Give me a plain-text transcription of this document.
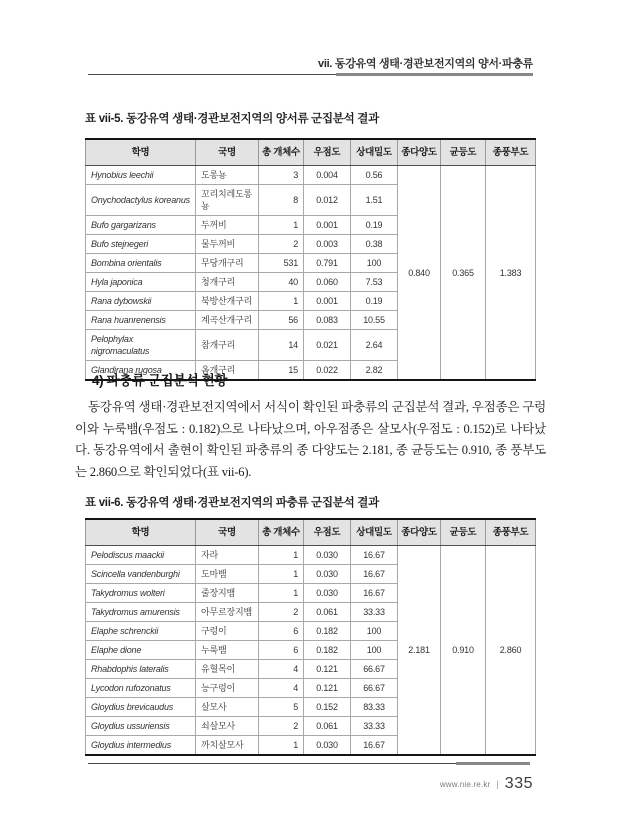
vii. 동강유역 생태·경관보전지역의 양서·파충류
표 vii-5. 동강유역 생태·경관보전지역의 양서류 군집분석 결과
학명	국명	총 개체수	우점도	상대밀도	종다양도	균등도	종풍부도
Hynobius leechii	도롱뇽	3	0.004	0.56	0.840	0.365	1.383
Onychodactylus koreanus	꼬리치레도롱뇽	8	0.012	1.51			
Bufo gargarizans	두꺼비	1	0.001	0.19			
Bufo stejnegeri	물두꺼비	2	0.003	0.38			
Bombina orientalis	무당개구리	531	0.791	100			
Hyla japonica	청개구리	40	0.060	7.53			
Rana dybowskii	북방산개구리	1	0.001	0.19			
Rana huanrenensis	계곡산개구리	56	0.083	10.55			
Pelophylax nigromaculatus	참개구리	14	0.021	2.64			
Glandirana rugosa	옴개구리	15	0.022	2.82			
4) 파충류 군집분석 현황
동강유역 생태·경관보전지역에서 서식이 확인된 파충류의 군집분석 결과, 우점종은 구렁이와 누룩뱀(우점도 : 0.182)으로 나타났으며, 아우점종은 살모사(우점도 : 0.152)로 나타났다. 동강유역에서 출현이 확인된 파충류의 종 다양도는 2.181, 종 균등도는 0.910, 종 풍부도는 2.860으로 확인되었다(표 vii-6).
표 vii-6. 동강유역 생태·경관보전지역의 파충류 군집분석 결과
학명	국명	총 개체수	우점도	상대밀도	종다양도	균등도	종풍부도
Pelodiscus maackii	자라	1	0.030	16.67	2.181	0.910	2.860
Scincella vandenburghi	도마뱀	1	0.030	16.67			
Takydromus wolteri	줄장지뱀	1	0.030	16.67			
Takydromus amurensis	아무르장지뱀	2	0.061	33.33			
Elaphe schrenckii	구렁이	6	0.182	100			
Elaphe dione	누룩뱀	6	0.182	100			
Rhabdophis lateralis	유혈목이	4	0.121	66.67			
Lycodon rufozonatus	능구렁이	4	0.121	66.67			
Gloydius brevicaudus	살모사	5	0.152	83.33			
Gloydius ussuriensis	쇠살모사	2	0.061	33.33			
Gloydius intermedius	까치살모사	1	0.030	16.67			
www.nie.re.kr | 335
